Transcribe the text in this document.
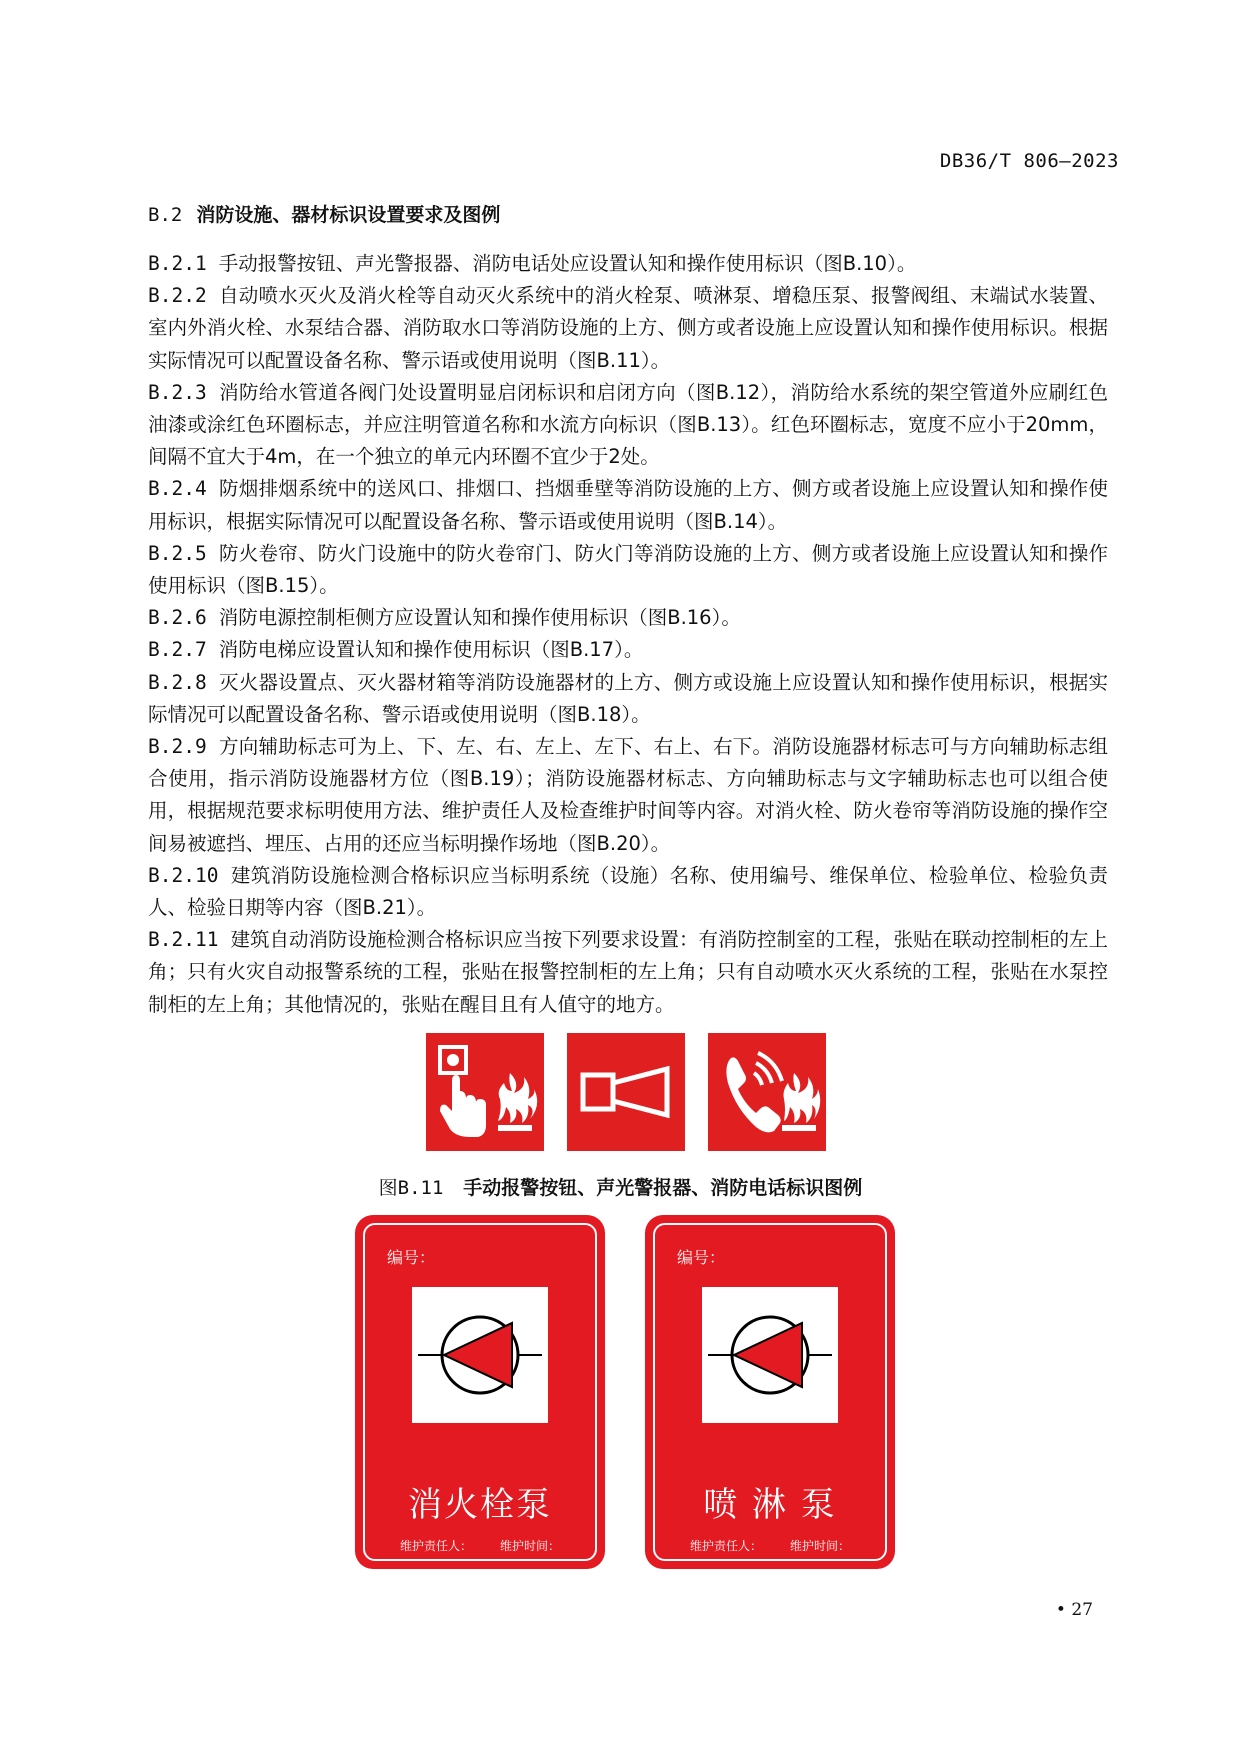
DB36/T 806—2023
B.2 消防设施、器材标识设置要求及图例

B.2.1 手动报警按钮、声光警报器、消防电话处应设置认知和操作使用标识（图B.10）。

B.2.2 自动喷水灭火及消火栓等自动灭火系统中的消火栓泵、喷淋泵、增稳压泵、报警阀组、末端试水装置、室内外消火栓、水泵结合器、消防取水口等消防设施的上方、侧方或者设施上应设置认知和操作使用标识。根据实际情况可以配置设备名称、警示语或使用说明（图B.11）。

B.2.3 消防给水管道各阀门处设置明显启闭标识和启闭方向（图B.12），消防给水系统的架空管道外应刷红色油漆或涂红色环圈标志，并应注明管道名称和水流方向标识（图B.13）。红色环圈标志，宽度不应小于20mm，间隔不宜大于4m，在一个独立的单元内环圈不宜少于2处。

B.2.4 防烟排烟系统中的送风口、排烟口、挡烟垂壁等消防设施的上方、侧方或者设施上应设置认知和操作使用标识，根据实际情况可以配置设备名称、警示语或使用说明（图B.14）。

B.2.5 防火卷帘、防火门设施中的防火卷帘门、防火门等消防设施的上方、侧方或者设施上应设置认知和操作使用标识（图B.15）。

B.2.6 消防电源控制柜侧方应设置认知和操作使用标识（图B.16）。

B.2.7 消防电梯应设置认知和操作使用标识（图B.17）。

B.2.8 灭火器设置点、灭火器材箱等消防设施器材的上方、侧方或设施上应设置认知和操作使用标识，根据实际情况可以配置设备名称、警示语或使用说明（图B.18）。

B.2.9 方向辅助标志可为上、下、左、右、左上、左下、右上、右下。消防设施器材标志可与方向辅助标志组合使用，指示消防设施器材方位（图B.19）；消防设施器材标志、方向辅助标志与文字辅助标志也可以组合使用，根据规范要求标明使用方法、维护责任人及检查维护时间等内容。对消火栓、防火卷帘等消防设施的操作空间易被遮挡、埋压、占用的还应当标明操作场地（图B.20）。

B.2.10 建筑消防设施检测合格标识应当标明系统（设施）名称、使用编号、维保单位、检验单位、检验负责人、检验日期等内容（图B.21）。

B.2.11 建筑自动消防设施检测合格标识应当按下列要求设置：有消防控制室的工程，张贴在联动控制柜的左上角；只有火灾自动报警系统的工程，张贴在报警控制柜的左上角；只有自动喷水灭火系统的工程，张贴在水泵控制柜的左上角；其他情况的，张贴在醒目且有人值守的地方。

图B.11 手动报警按钮、声光警报器、消防电话标识图例
编号：
消火栓泵
维护责任人： 维护时间：
编号：
喷 淋 泵
维护责任人： 维护时间：
• 27
